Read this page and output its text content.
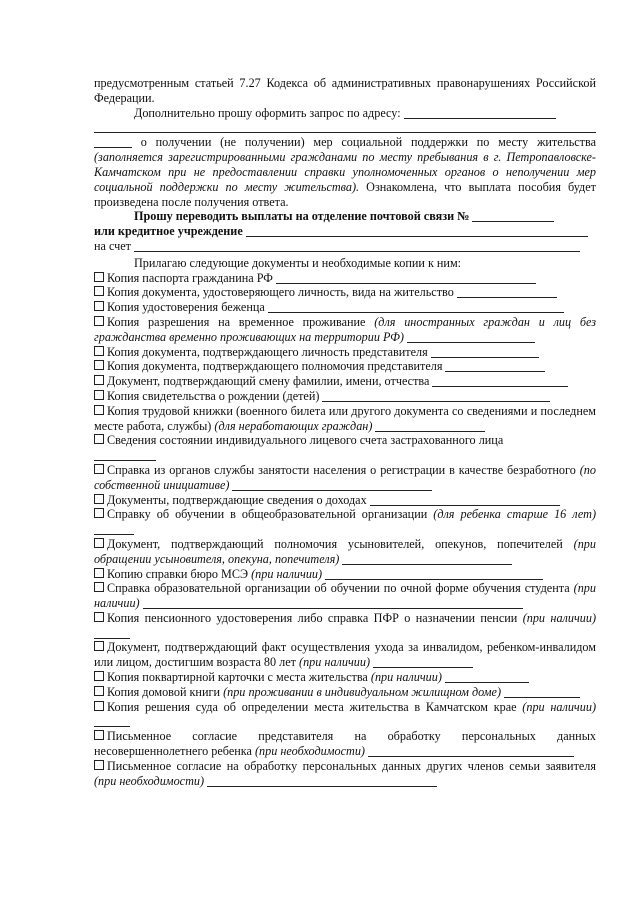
предусмотренным статьей 7.27 Кодекса об административных правонарушениях Российской Федерации.

Дополнительно прошу оформить запрос по адресу:

о получении (не получении) мер социальной поддержки по месту жительства (заполняется зарегистрированными гражданами по месту пребывания в г. Петропавловске-Камчатском при не предоставлении справки уполномоченных органов о неполучении мер социальной поддержки по месту жительства). Ознакомлена, что выплата пособия будет произведена после получения ответа.

Прошу переводить выплаты на отделение почтовой связи №

или кредитное учреждение

на счет

Прилагаю следующие документы и необходимые копии к ним:

Копия паспорта гражданина РФ

Копия документа, удостоверяющего личность, вида на жительство

Копия удостоверения беженца

Копия разрешения на временное проживание (для иностранных граждан и лиц без гражданства временно проживающих на территории РФ)

Копия документа, подтверждающего личность представителя

Копия документа, подтверждающего полномочия представителя

Документ, подтверждающий смену фамилии, имени, отчества

Копия свидетельства о рождении (детей)

Копия трудовой книжки (военного билета или другого документа со сведениями и последнем месте работа, службы) (для неработающих граждан)

Сведения состоянии индивидуального лицевого счета застрахованного лица

Справка из органов службы занятости населения о регистрации в качестве безработного (по собственной инициативе)

Документы, подтверждающие сведения о доходах

Справку об обучении в общеобразовательной организации (для ребенка старше 16 лет)

Документ, подтверждающий полномочия усыновителей, опекунов, попечителей (при обращении усыновителя, опекуна, попечителя)

Копию справки бюро МСЭ (при наличии)

Справка образовательной организации об обучении по очной форме обучения студента (при наличии)

Копия пенсионного удостоверения либо справка ПФР о назначении пенсии (при наличии)

Документ, подтверждающий факт осуществления ухода за инвалидом, ребенком-инвалидом или лицом, достигшим возраста 80 лет (при наличии)

Копия поквартирной карточки с места жительства (при наличии)

Копия домовой книги (при проживании в индивидуальном жилищном доме)

Копия решения суда об определении места жительства в Камчатском крае (при наличии)

Письменное согласие представителя на обработку персональных данных несовершеннолетнего ребенка (при необходимости)

Письменное согласие на обработку персональных данных других членов семьи заявителя (при необходимости)
